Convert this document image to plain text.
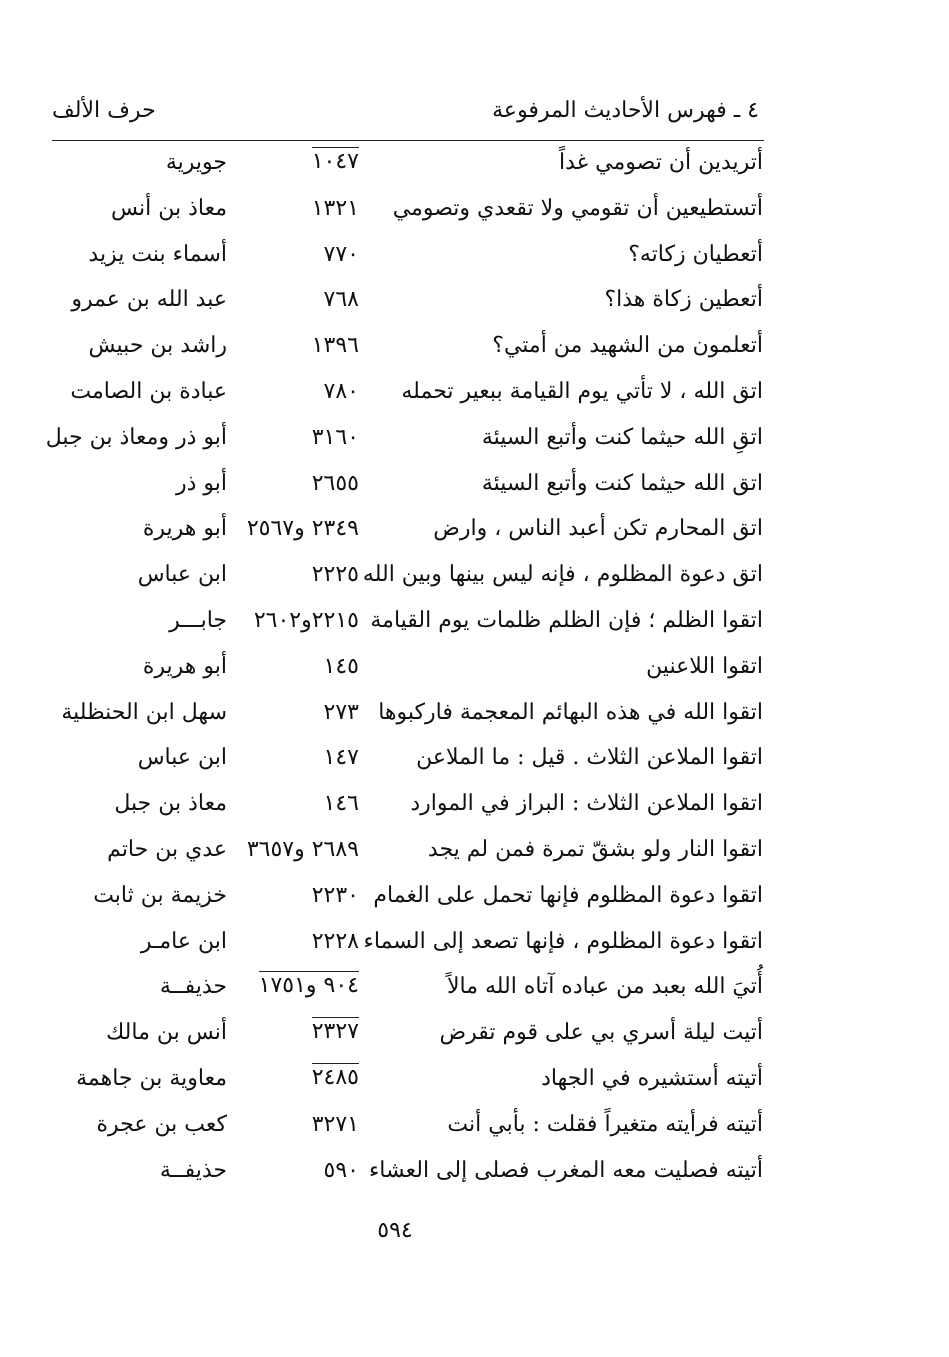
٤ ـ فهرس الأحاديث المرفوعة
حرف الألف
أتريدين أن تصومي غداً
١٠٤٧
جويرية
أتستطيعين أن تقومي ولا تقعدي وتصومي
١٣٢١
معاذ بن أنس
أتعطيان زكاته؟
٧٧٠
أسماء بنت يزيد
أتعطين زكاة هذا؟
٧٦٨
عبد الله بن عمرو
أتعلمون من الشهيد من أمتي؟
١٣٩٦
راشد بن حبيش
اتق الله ، لا تأتي يوم القيامة ببعير تحمله
٧٨٠
عبادة بن الصامت
اتقِ الله حيثما كنت وأتبع السيئة
٣١٦٠
أبو ذر ومعاذ بن جبل
اتق الله حيثما كنت وأتبع السيئة
٢٦٥٥
أبو ذر
اتق المحارم تكن أعبد الناس ، وارض
٢٣٤٩ و٢٥٦٧
أبو هريرة
اتق دعوة المظلوم ، فإنه ليس بينها وبين الله
٢٢٢٥
ابن عباس
اتقوا الظلم ؛ فإن الظلم ظلمات يوم القيامة
٢٢١٥و٢٦٠٢
جابـــر
اتقوا اللاعنين
١٤٥
أبو هريرة
اتقوا الله في هذه البهائم المعجمة فاركبوها
٢٧٣
سهل ابن الحنظلية
اتقوا الملاعن الثلاث . قيل : ما الملاعن
١٤٧
ابن عباس
اتقوا الملاعن الثلاث : البراز في الموارد
١٤٦
معاذ بن جبل
اتقوا النار ولو بشقّ تمرة فمن لم يجد
٢٦٨٩ و٣٦٥٧
عدي بن حاتم
اتقوا دعوة المظلوم فإنها تحمل على الغمام
٢٢٣٠
خزيمة بن ثابت
اتقوا دعوة المظلوم ، فإنها تصعد إلى السماء
٢٢٢٨
ابن عامـر
أُتيَ الله بعبد من عباده آتاه الله مالاً
٩٠٤ و١٧٥١
حذيفــة
أتيت ليلة أسري بي على قوم تقرض
٢٣٢٧
أنس بن مالك
أتيته أستشيره في الجهاد
٢٤٨٥
معاوية بن جاهمة
أتيته فرأيته متغيراً فقلت : بأبي أنت
٣٢٧١
كعب بن عجرة
أتيته فصليت معه المغرب فصلى إلى العشاء
٥٩٠
حذيفــة
٥٩٤
